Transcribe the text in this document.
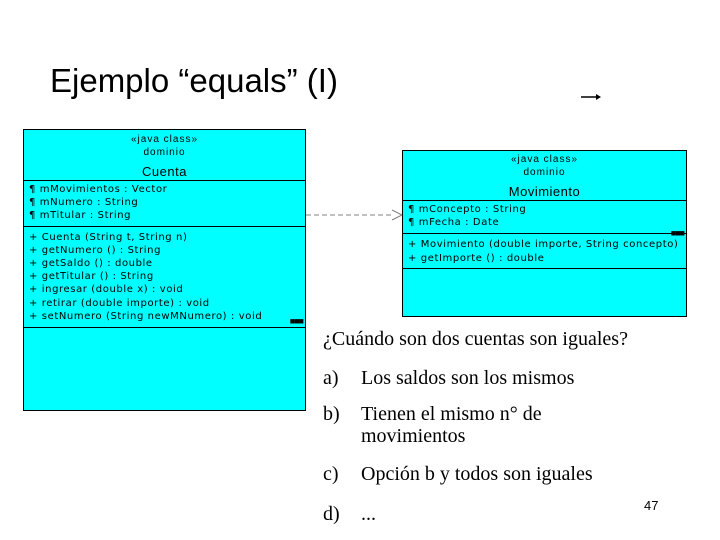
Ejemplo “equals” (I)
«java class»
dominio
Cuenta
¶ mMovimientos : Vector
¶ mNumero : String
¶ mTitular : String
+ Cuenta (String t, String n)
+ getNumero () : String
+ getSaldo () : double
+ getTitular () : String
+ ingresar (double x) : void
+ retirar (double importe) : void
+ setNumero (String newMNumero) : void	■■■
«java class»
dominio
Movimiento
¶ mConcepto : String
¶ mFecha : Date
■■■
+ Movimiento (double importe, String concepto)
+ getImporte () : double
¿Cuándo son dos cuentas son iguales?
a) Los saldos son los mismos
b) Tienen el mismo n° de movimientos
c) Opción b y todos son iguales
d) ...	47
